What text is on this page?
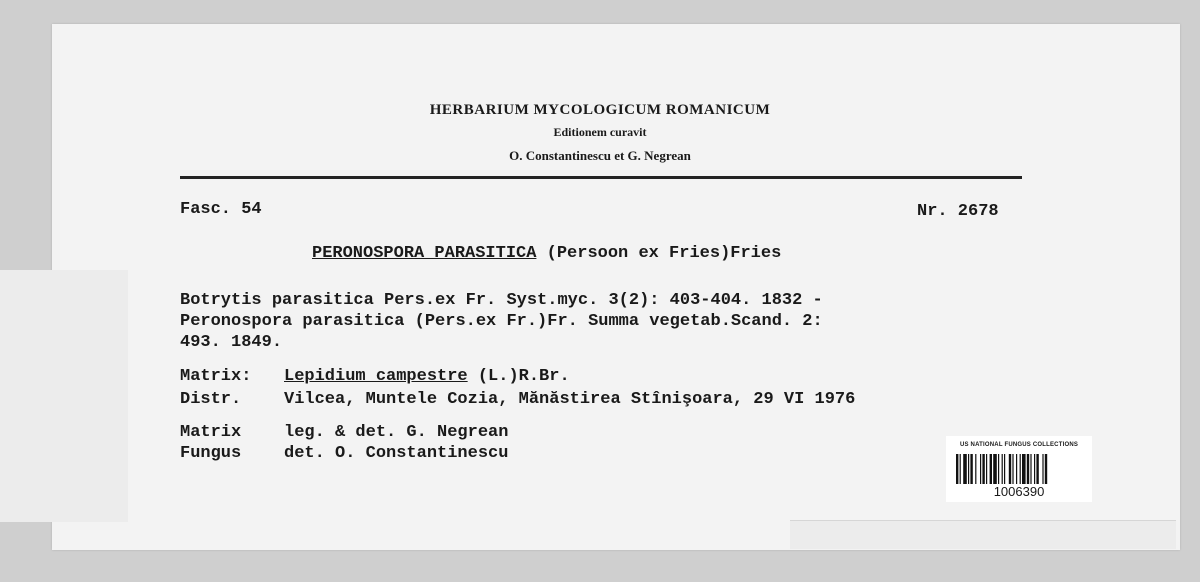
HERBARIUM MYCOLOGICUM ROMANICUM
Editionem curavit
O. Constantinescu et G. Negrean
Fasc. 54	Nr. 2678
PERONOSPORA PARASITICA (Persoon ex Fries)Fries
Botrytis parasitica Pers.ex Fr. Syst.myc. 3(2): 403-404. 1832 -
Peronospora parasitica (Pers.ex Fr.)Fr. Summa vegetab.Scand. 2:
493. 1849.
Matrix: Lepidium campestre (L.)R.Br.
Distr.	Vilcea, Muntele Cozia, Mănăstirea Stînişoara, 29 VI 1976
Matrix	leg. & det. G. Negrean
Fungus	det. O. Constantinescu	US NATIONAL FUNGUS COLLECTIONS
1006390
